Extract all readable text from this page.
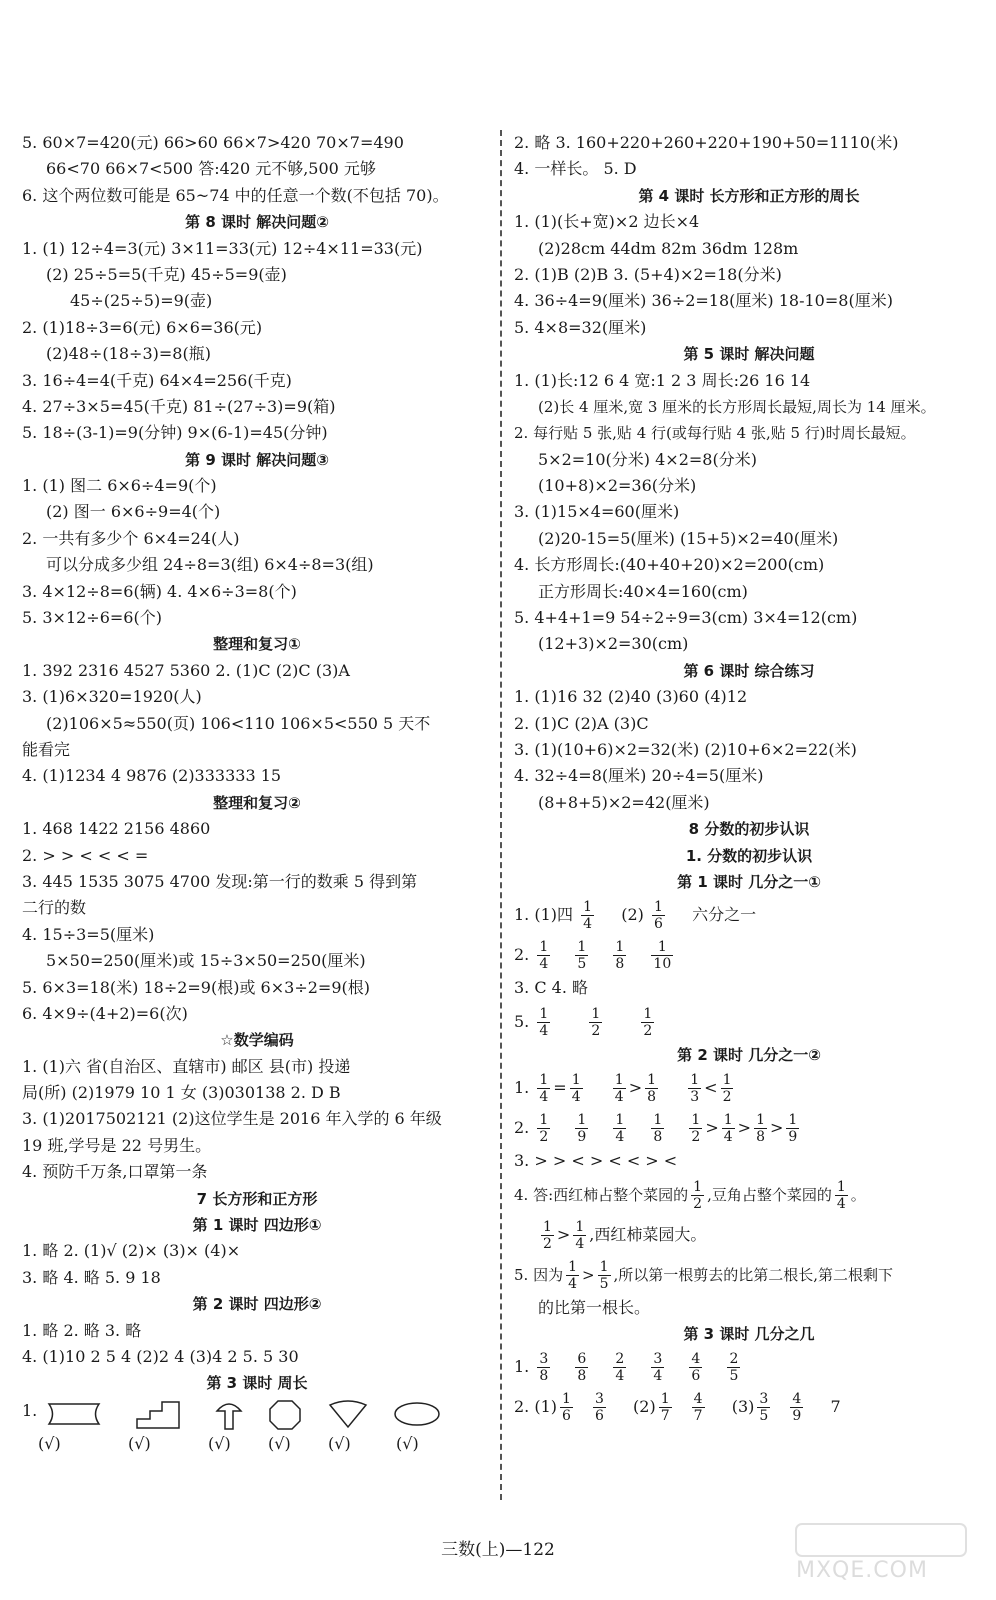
5. 60×7=420(元) 66>60 66×7>420 70×7=490
66<70 66×7<500 答:420 元不够,500 元够
6. 这个两位数可能是 65~74 中的任意一个数(不包括 70)。
第 8 课时 解决问题②
1. (1) 12÷4=3(元) 3×11=33(元) 12÷4×11=33(元)
(2) 25÷5=5(千克) 45÷5=9(壶)
45÷(25÷5)=9(壶)
2. (1)18÷3=6(元) 6×6=36(元)
(2)48÷(18÷3)=8(瓶)
3. 16÷4=4(千克) 64×4=256(千克)
4. 27÷3×5=45(千克) 81÷(27÷3)=9(箱)
5. 18÷(3-1)=9(分钟) 9×(6-1)=45(分钟)
第 9 课时 解决问题③
1. (1) 图二 6×6÷4=9(个)
(2) 图一 6×6÷9=4(个)
2. 一共有多少个 6×4=24(人)
可以分成多少组 24÷8=3(组) 6×4÷8=3(组)
3. 4×12÷8=6(辆) 4. 4×6÷3=8(个)
5. 3×12÷6=6(个)
整理和复习①
1. 392 2316 4527 5360 2. (1)C (2)C (3)A
3. (1)6×320=1920(人)
(2)106×5≈550(页) 106<110 106×5<550 5 天不
能看完
4. (1)1234 4 9876 (2)333333 15
整理和复习②
1. 468 1422 2156 4860
2. > > < < < =
3. 445 1535 3075 4700 发现:第一行的数乘 5 得到第
二行的数
4. 15÷3=5(厘米)
5×50=250(厘米)或 15÷3×50=250(厘米)
5. 6×3=18(米) 18÷2=9(根)或 6×3÷2=9(根)
6. 4×9÷(4+2)=6(次)
☆数学编码
1. (1)六 省(自治区、直辖市) 邮区 县(市) 投递
局(所) (2)1979 10 1 女 (3)030138 2. D B
3. (1)2017502121 (2)这位学生是 2016 年入学的 6 年级
19 班,学号是 22 号男生。
4. 预防千万条,口罩第一条
7 长方形和正方形
第 1 课时 四边形①
1. 略 2. (1)√ (2)× (3)× (4)×
3. 略 4. 略 5. 9 18
第 2 课时 四边形②
1. 略 2. 略 3. 略
4. (1)10 2 5 4 (2)2 4 (3)4 2 5. 5 30
第 3 课时 周长
1.
(√)	(√)	(√) (√) (√)	(√)
2. 略 3. 160+220+260+220+190+50=1110(米)
4. 一样长。 5. D
第 4 课时 长方形和正方形的周长
1. (1)(长+宽)×2 边长×4
(2)28cm 44dm 82m 36dm 128m
2. (1)B (2)B 3. (5+4)×2=18(分米)
4. 36÷4=9(厘米) 36÷2=18(厘米) 18-10=8(厘米)
5. 4×8=32(厘米)
第 5 课时 解决问题
1. (1)长:12 6 4 宽:1 2 3 周长:26 16 14
(2)长 4 厘米,宽 3 厘米的长方形周长最短,周长为 14 厘米。
2. 每行贴 5 张,贴 4 行(或每行贴 4 张,贴 5 行)时周长最短。
5×2=10(分米) 4×2=8(分米)
(10+8)×2=36(分米)
3. (1)15×4=60(厘米)
(2)20-15=5(厘米) (15+5)×2=40(厘米)
4. 长方形周长:(40+40+20)×2=200(cm)
正方形周长:40×4=160(cm)
5. 4+4+1=9 54÷2÷9=3(cm) 3×4=12(cm)
(12+3)×2=30(cm)
第 6 课时 综合练习
1. (1)16 32 (2)40 (3)60 (4)12
2. (1)C (2)A (3)C
3. (1)(10+6)×2=32(米) (2)10+6×2=22(米)
4. 32÷4=8(厘米) 20÷4=5(厘米)
(8+8+5)×2=42(厘米)
8 分数的初步认识
1. 分数的初步认识
第 1 课时 几分之一①
1. (1)四 $\frac{1}{4} (2) \frac{1}{6}$ 六分之一
2. $\frac{1}{4}$
$\frac{1}{5}$
$\frac{1}{8}$
$\frac{1}{10}$
3. C 4. 略
5. $\frac{1}{4}$
	$\frac{1}{2}$
	$\frac{1}{2}$
第 2 课时 几分之一②
1. $\frac{1}{4} = \frac{1}{4}$
$\frac{1}{4} > \frac{1}{8}$
$\frac{1}{3} < \frac{1}{2}$
2. $\frac{1}{2}$
$\frac{1}{9}$
$\frac{1}{4}$
$\frac{1}{8}$
$\frac{1}{2} > \frac{1}{4} > \frac{1}{8} > \frac{1}{9}$
3. > > < > < < > <
4. 答:西红柿占整个菜园的 $\frac{1}{2}$ ,豆角占整个菜园的 $\frac{1}{4}$ 。
$\frac{1}{2} > \frac{1}{4}$ ,西红柿菜园大。
5. 因为 $\frac{1}{4} > \frac{1}{5}$ ,所以第一根剪去的比第二根长,第二根剩下
的比第一根长。
第 3 课时 几分之几
1. $\frac{3}{8}$
$\frac{6}{8}$
$\frac{2}{4}$
$\frac{3}{4}$
$\frac{4}{6}$
$\frac{2}{5}$
2. $(1) \frac{1}{6} \frac{3}{6} (2) \frac{1}{7} \frac{4}{7} (3) \frac{3}{5} \frac{4}{9} 7$
三数(上)—122
MXQE.COM
